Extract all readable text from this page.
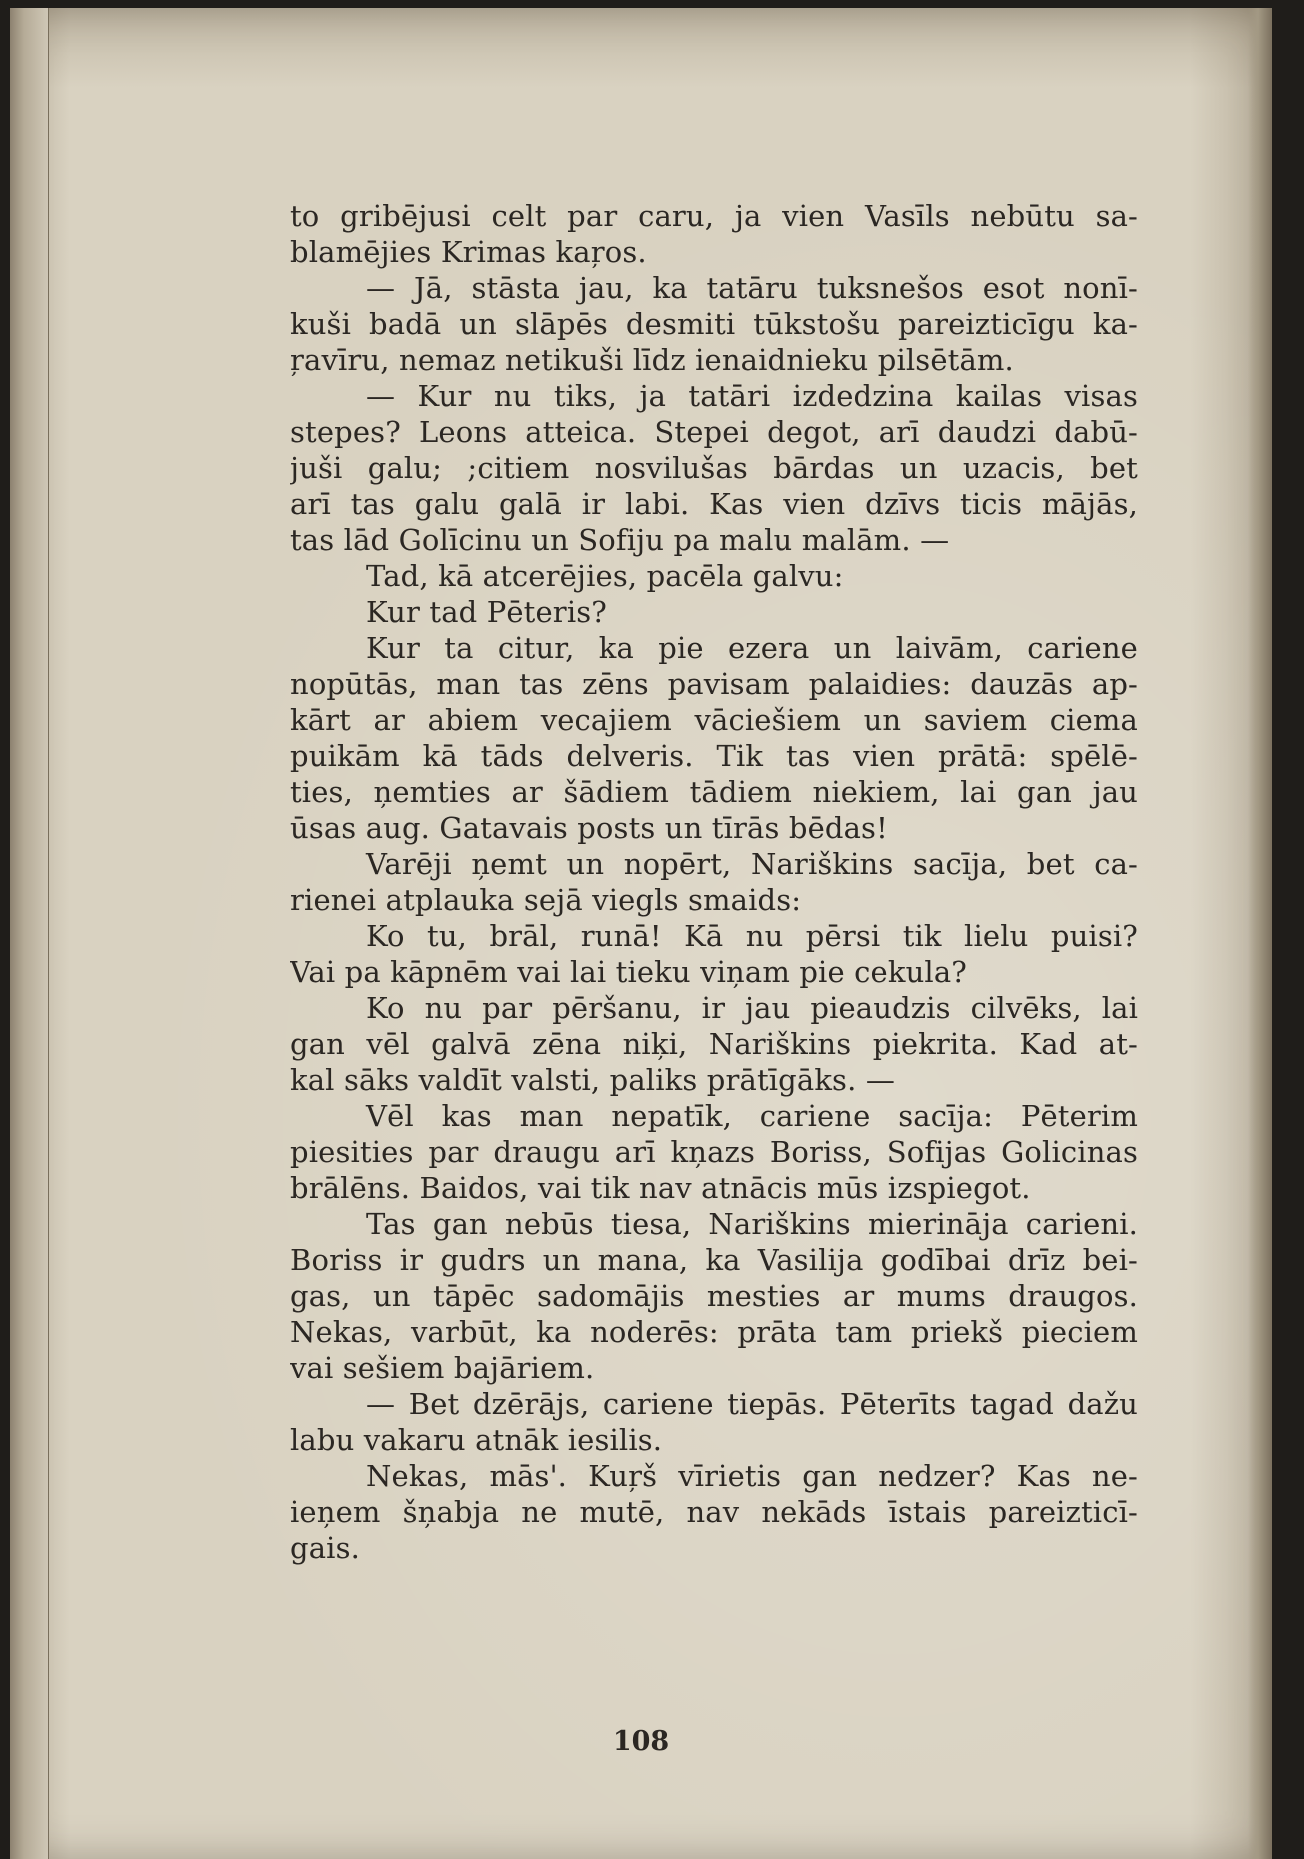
to gribējusi celt par caru, ja vien Vasīls nebūtu sa-
blamējies Krimas kaŗos.
— Jā, stāsta jau, ka tatāru tuksnešos esot nonī-
kuši badā un slāpēs desmiti tūkstošu pareizticīgu ka-
ŗavīru, nemaz netikuši līdz ienaidnieku pilsētām.
— Kur nu tiks, ja tatāri izdedzina kailas visas
stepes? Leons atteica. Stepei degot, arī daudzi dabū-
juši galu; ;citiem nosvilušas bārdas un uzacis, bet
arī tas galu galā ir labi. Kas vien dzīvs ticis mājās,
tas lād Golīcinu un Sofiju pa malu malām. —
Tad, kā atcerējies, pacēla galvu:
Kur tad Pēteris?
Kur ta citur, ka pie ezera un laivām, cariene
nopūtās, man tas zēns pavisam palaidies: dauzās ap-
kārt ar abiem vecajiem vāciešiem un saviem ciema
puikām kā tāds delveris. Tik tas vien prātā: spēlē-
ties, ņemties ar šādiem tādiem niekiem, lai gan jau
ūsas aug. Gatavais posts un tīrās bēdas!
Varēji ņemt un nopērt, Nariškins sacīja, bet ca-
rienei atplauka sejā viegls smaids:
Ko tu, brāl, runā! Kā nu pērsi tik lielu puisi?
Vai pa kāpnēm vai lai tieku viņam pie cekula?
Ko nu par pēršanu, ir jau pieaudzis cilvēks, lai
gan vēl galvā zēna niķi, Nariškins piekrita. Kad at-
kal sāks valdīt valsti, paliks prātīgāks. —
Vēl kas man nepatīk, cariene sacīja: Pēterim
piesities par draugu arī kņazs Boriss, Sofijas Golicinas
brālēns. Baidos, vai tik nav atnācis mūs izspiegot.
Tas gan nebūs tiesa, Nariškins mierināja carieni.
Boriss ir gudrs un mana, ka Vasilija godībai drīz bei-
gas, un tāpēc sadomājis mesties ar mums draugos.
Nekas, varbūt, ka noderēs: prāta tam priekš pieciem
vai sešiem bajāriem.
— Bet dzērājs, cariene tiepās. Pēterīts tagad dažu
labu vakaru atnāk iesilis.
Nekas, mās'. Kuŗš vīrietis gan nedzer? Kas ne-
ieņem šņabja ne mutē, nav nekāds īstais pareizticī-
gais.
108
